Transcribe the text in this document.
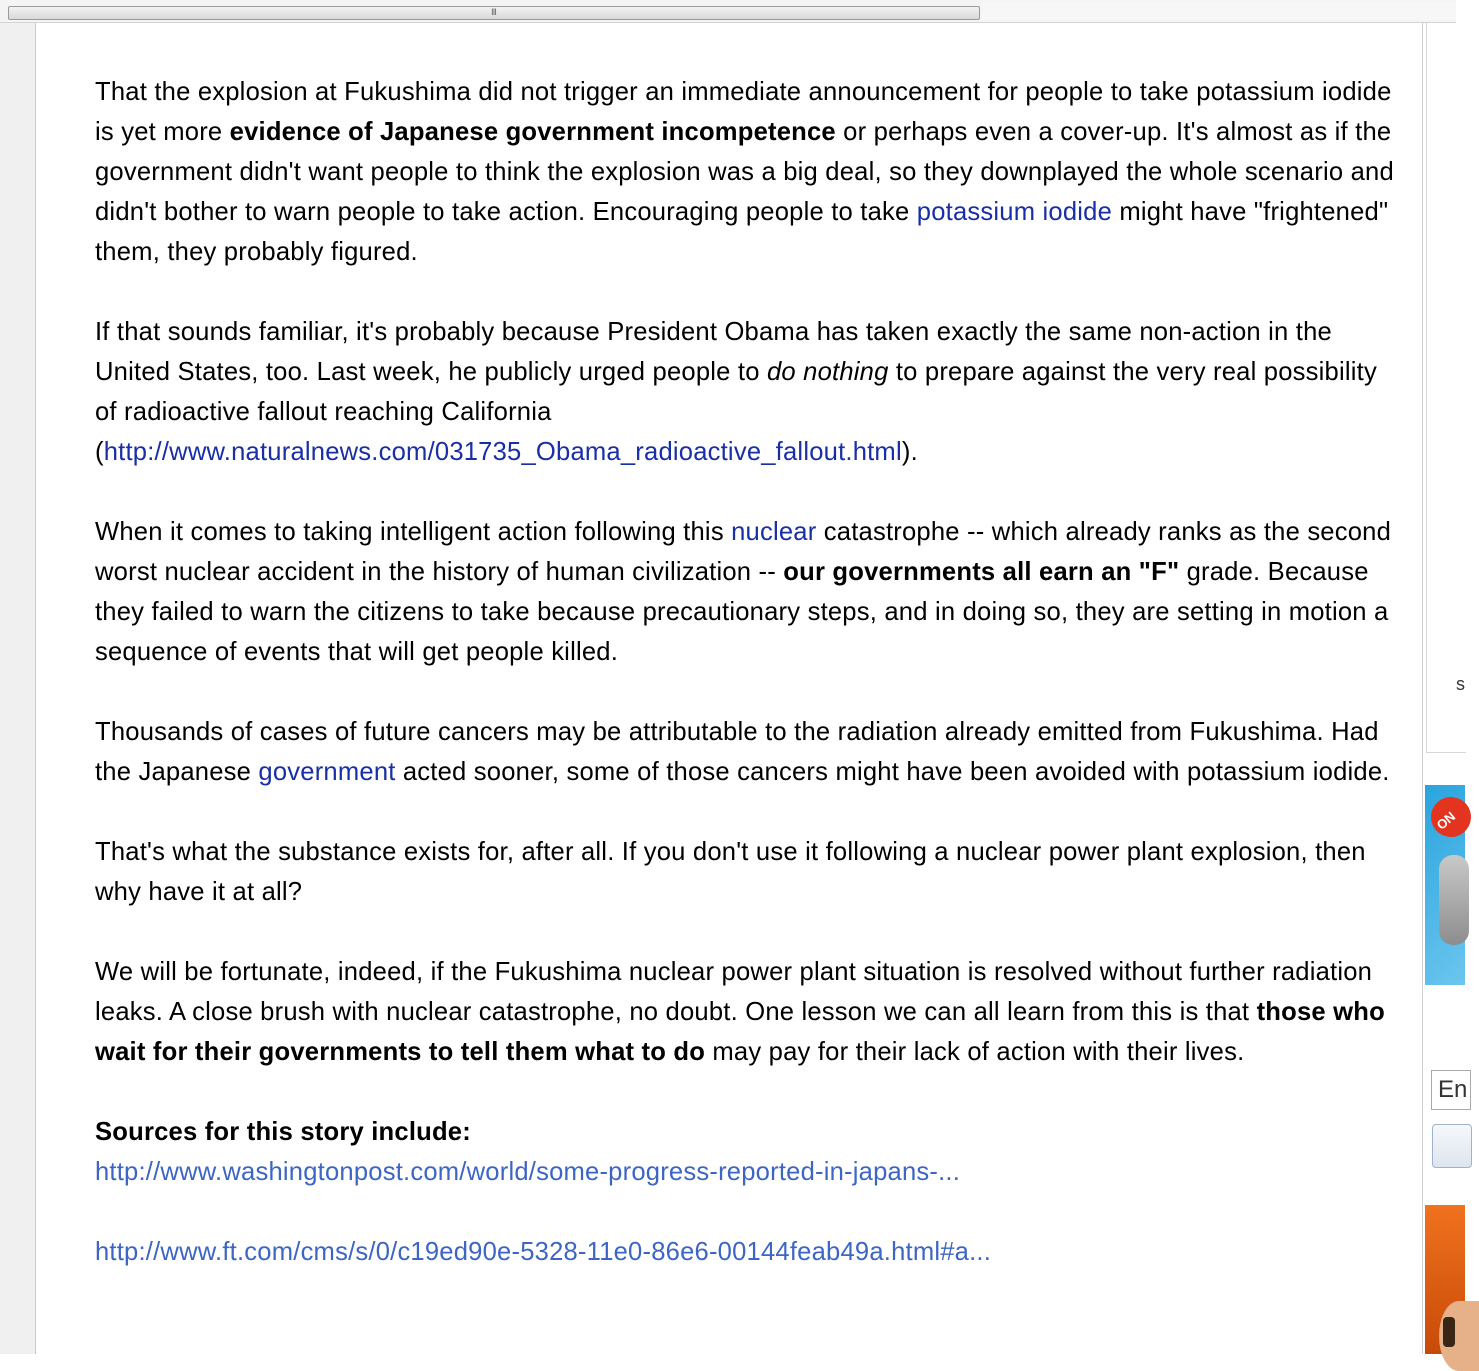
III

That the explosion at Fukushima did not trigger an immediate announcement for people to take potassium iodide is yet more evidence of Japanese government incompetence or perhaps even a cover-up. It's almost as if the government didn't want people to think the explosion was a big deal, so they downplayed the whole scenario and didn't bother to warn people to take action. Encouraging people to take potassium iodide might have "frightened" them, they probably figured.

If that sounds familiar, it's probably because President Obama has taken exactly the same non-action in the United States, too. Last week, he publicly urged people to do nothing to prepare against the very real possibility of radioactive fallout reaching California
(http://www.naturalnews.com/031735_Obama_radioactive_fallout.html).

When it comes to taking intelligent action following this nuclear catastrophe -- which already ranks as the second worst nuclear accident in the history of human civilization -- our governments all earn an "F" grade. Because they failed to warn the citizens to take because precautionary steps, and in doing so, they are setting in motion a sequence of events that will get people killed.

Thousands of cases of future cancers may be attributable to the radiation already emitted from Fukushima. Had the Japanese government acted sooner, some of those cancers might have been avoided with potassium iodide.

That's what the substance exists for, after all. If you don't use it following a nuclear power plant explosion, then why have it at all?

We will be fortunate, indeed, if the Fukushima nuclear power plant situation is resolved without further radiation leaks. A close brush with nuclear catastrophe, no doubt. One lesson we can all learn from this is that those who wait for their governments to tell them what to do may pay for their lack of action with their lives.

Sources for this story include:
http://www.washingtonpost.com/world/some-progress-reported-in-japans-...

http://www.ft.com/cms/s/0/c19ed90e-5328-11e0-86e6-00144feab49a.html#a...

s
ON
En
